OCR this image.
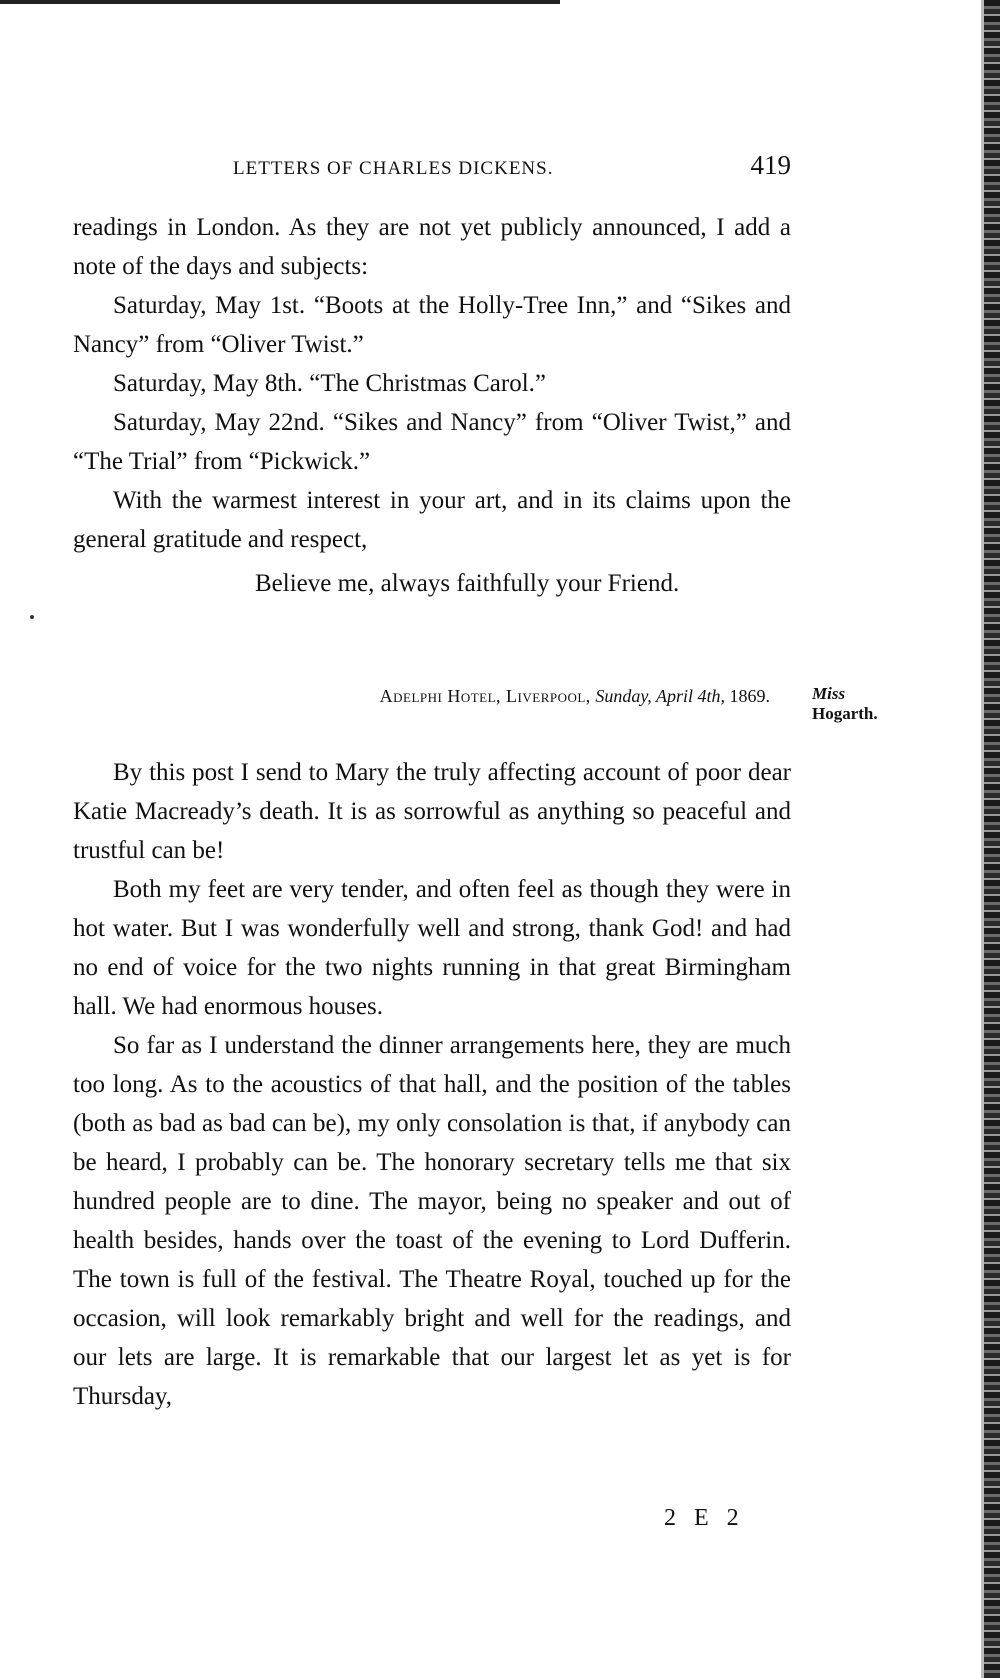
LETTERS OF CHARLES DICKENS.	419

readings in London. As they are not yet publicly announced, I add a note of the days and subjects:

Saturday, May 1st. “Boots at the Holly-Tree Inn,” and “Sikes and Nancy” from “Oliver Twist.”

Saturday, May 8th. “The Christmas Carol.”

Saturday, May 22nd. “Sikes and Nancy” from “Oliver Twist,” and “The Trial” from “Pickwick.”

With the warmest interest in your art, and in its claims upon the general gratitude and respect,

Believe me, always faithfully your Friend.
Adelphi Hotel, Liverpool, Sunday, April 4th, 1869. Miss
Hogarth.

By this post I send to Mary the truly affecting account of poor dear Katie Macready’s death. It is as sorrowful as anything so peaceful and trustful can be!

Both my feet are very tender, and often feel as though they were in hot water. But I was wonderfully well and strong, thank God! and had no end of voice for the two nights running in that great Birmingham hall. We had enormous houses.

So far as I understand the dinner arrangements here, they are much too long. As to the acoustics of that hall, and the position of the tables (both as bad as bad can be), my only consolation is that, if anybody can be heard, I probably can be. The honorary secretary tells me that six hundred people are to dine. The mayor, being no speaker and out of health besides, hands over the toast of the evening to Lord Dufferin. The town is full of the festival. The Theatre Royal, touched up for the occasion, will look remarkably bright and well for the readings, and our lets are large. It is remarkable that our largest let as yet is for Thursday,

2 E 2
